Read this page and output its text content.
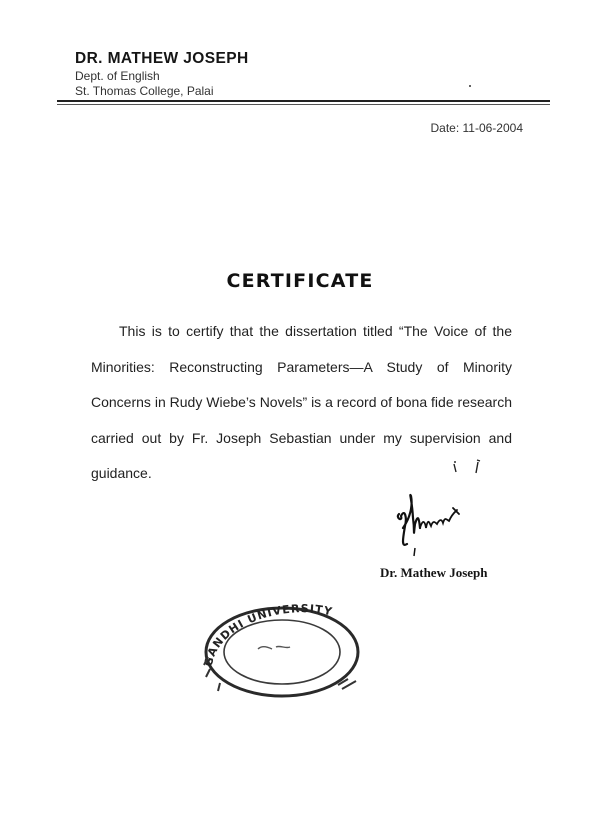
DR. MATHEW JOSEPH
Dept. of English
St. Thomas College, Palai
Date: 11-06-2004
CERTIFICATE
This is to certify that the dissertation titled “The Voice of the Minorities: Reconstructing Parameters—A Study of Minority Concerns in Rudy Wiebe’s Novels” is a record of bona fide research carried out by Fr. Joseph Sebastian under my supervision and guidance.
Dr. Mathew Joseph
GANDHI UNIVERSITY
